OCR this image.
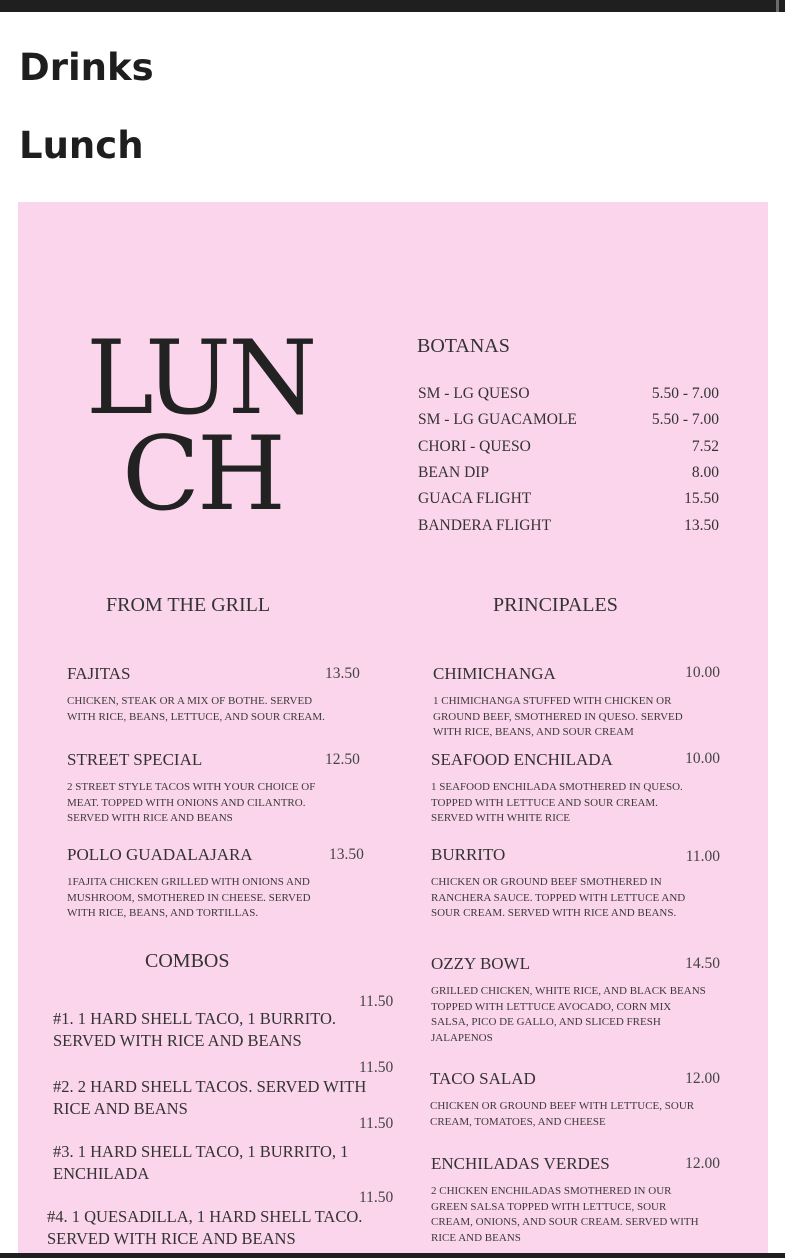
Drinks
Lunch
LUN
CH
BOTANAS
SM - LG QUESO	5.50 - 7.00
SM - LG GUACAMOLE	5.50 - 7.00
CHORI - QUESO	7.52
BEAN DIP	8.00
GUACA FLIGHT	15.50
BANDERA FLIGHT	13.50
FROM THE GRILL	PRINCIPALES
COMBOS
FAJITAS	13.50
CHICKEN, STEAK OR A MIX OF BOTHE. SERVED WITH RICE, BEANS, LETTUCE, AND SOUR CREAM.
STREET SPECIAL	12.50
2 STREET STYLE TACOS WITH YOUR CHOICE OF MEAT. TOPPED WITH ONIONS AND CILANTRO. SERVED WITH RICE AND BEANS
POLLO GUADALAJARA	13.50
1FAJITA CHICKEN GRILLED WITH ONIONS AND MUSHROOM, SMOTHERED IN CHEESE. SERVED WITH RICE, BEANS, AND TORTILLAS.
CHIMICHANGA	10.00
1 CHIMICHANGA STUFFED WITH CHICKEN OR GROUND BEEF, SMOTHERED IN QUESO. SERVED WITH RICE, BEANS, AND SOUR CREAM
SEAFOOD ENCHILADA	10.00
1 SEAFOOD ENCHILADA SMOTHERED IN QUESO. TOPPED WITH LETTUCE AND SOUR CREAM. SERVED WITH WHITE RICE
BURRITO	11.00
CHICKEN OR GROUND BEEF SMOTHERED IN RANCHERA SAUCE. TOPPED WITH LETTUCE AND SOUR CREAM. SERVED WITH RICE AND BEANS.
OZZY BOWL	14.50
GRILLED CHICKEN, WHITE RICE, AND BLACK BEANS TOPPED WITH LETTUCE AVOCADO, CORN MIX SALSA, PICO DE GALLO, AND SLICED FRESH JALAPENOS
TACO SALAD	12.00
CHICKEN OR GROUND BEEF WITH LETTUCE, SOUR CREAM, TOMATOES, AND CHEESE
ENCHILADAS VERDES	12.00
2 CHICKEN ENCHILADAS SMOTHERED IN OUR GREEN SALSA TOPPED WITH LETTUCE, SOUR CREAM, ONIONS, AND SOUR CREAM. SERVED WITH RICE AND BEANS
11.50
#1. 1 HARD SHELL TACO, 1 BURRITO. SERVED WITH RICE AND BEANS
11.50
#2. 2 HARD SHELL TACOS. SERVED WITH RICE AND BEANS
11.50
#3. 1 HARD SHELL TACO, 1 BURRITO, 1 ENCHILADA
11.50
#4. 1 QUESADILLA, 1 HARD SHELL TACO. SERVED WITH RICE AND BEANS
